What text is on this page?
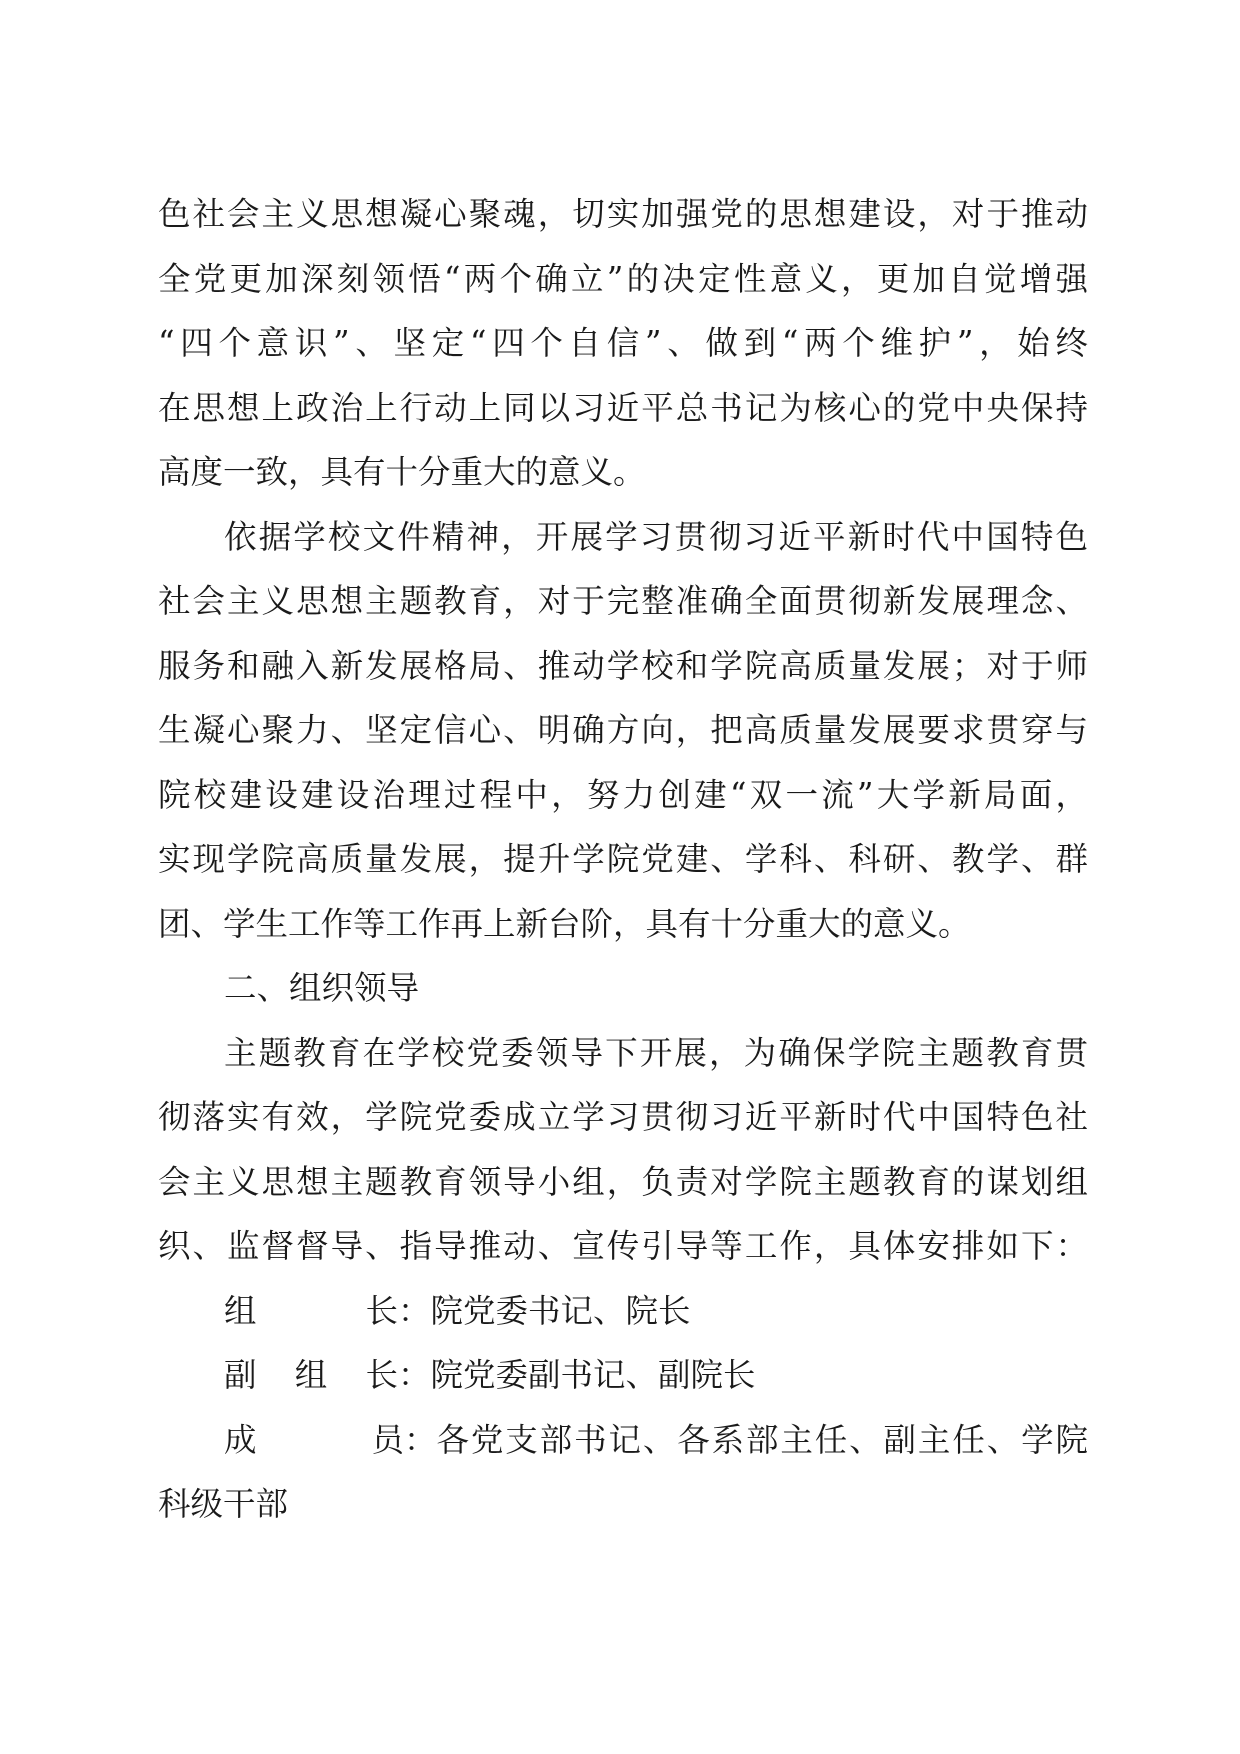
色社会主义思想凝心聚魂，切实加强党的思想建设，对于推动
全党更加深刻领悟“两个确立”的决定性意义，更加自觉增强
“四个意识”、坚定“四个自信”、做到“两个维护”，始终
在思想上政治上行动上同以习近平总书记为核心的党中央保持
高度一致，具有十分重大的意义。
依据学校文件精神，开展学习贯彻习近平新时代中国特色
社会主义思想主题教育，对于完整准确全面贯彻新发展理念、
服务和融入新发展格局、推动学校和学院高质量发展；对于师
生凝心聚力、坚定信心、明确方向，把高质量发展要求贯穿与
院校建设建设治理过程中，努力创建“双一流”大学新局面，
实现学院高质量发展，提升学院党建、学科、科研、教学、群
团、学生工作等工作再上新台阶，具有十分重大的意义。
二、组织领导
主题教育在学校党委领导下开展，为确保学院主题教育贯
彻落实有效，学院党委成立学习贯彻习近平新时代中国特色社
会主义思想主题教育领导小组，负责对学院主题教育的谋划组
织、监督督导、指导推动、宣传引导等工作，具体安排如下：
组	长 ： 院党委书记、院长
副 组 长 ： 院党委副书记、副院长
成	员 ： 各党支部书记、各系部主任、副主任、学院
科级干部
